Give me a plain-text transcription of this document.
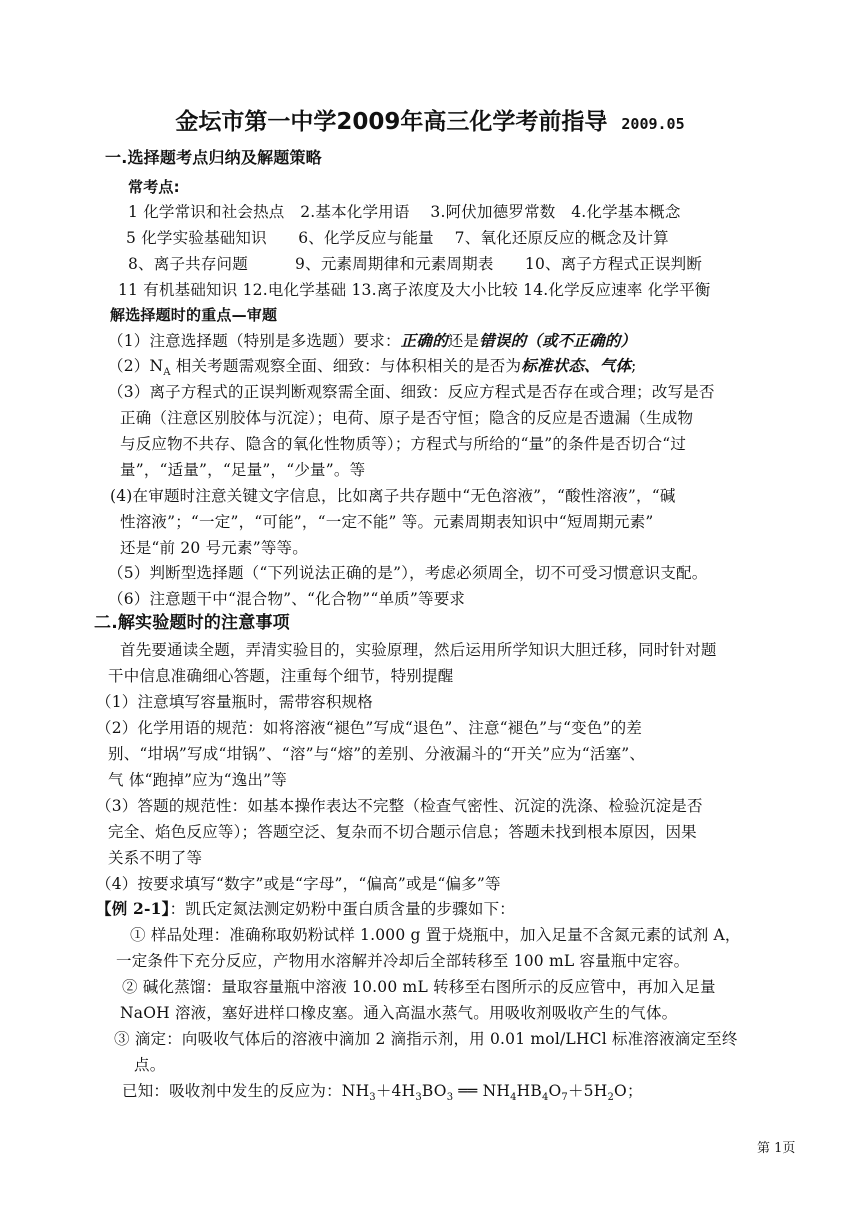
金坛市第一中学2009年高三化学考前指导 2009.05
一.选择题考点归纳及解题策略
常考点:
1 化学常识和社会热点　2.基本化学用语　 3.阿伏加德罗常数　4.化学基本概念
5 化学实验基础知识　　6、化学反应与能量　 7、氧化还原反应的概念及计算
8、离子共存问题　　　9、元素周期律和元素周期表　　10、离子方程式正误判断
11 有机基础知识 12.电化学基础 13.离子浓度及大小比较 14.化学反应速率 化学平衡
解选择题时的重点—审题
（1）注意选择题（特别是多选题）要求：正确的还是错误的（或不正确的）
$(2)N_A$ 相关考题需观察全面、细致：与体积相关的是否为标准状态、气体;
（3）离子方程式的正误判断观察需全面、细致：反应方程式是否存在或合理；改写是否
正确（注意区别胶体与沉淀）；电荷、原子是否守恒；隐含的反应是否遗漏（生成物
与反应物不共存、隐含的氧化性物质等）；方程式与所给的“量”的条件是否切合“过
量”，“适量”，“足量”，“少量”。等
(4)在审题时注意关键文字信息，比如离子共存题中“无色溶液”，“酸性溶液”，“碱
性溶液”；“一定”，“可能”，“一定不能” 等。元素周期表知识中“短周期元素”
还是“前 20 号元素”等等。
（5）判断型选择题（“下列说法正确的是”），考虑必须周全，切不可受习惯意识支配。
（6）注意题干中“混合物”、“化合物”“单质”等要求
二.解实验题时的注意事项
首先要通读全题，弄清实验目的，实验原理，然后运用所学知识大胆迁移，同时针对题
干中信息准确细心答题，注重每个细节，特别提醒
（1）注意填写容量瓶时，需带容积规格
（2）化学用语的规范：如将溶液“褪色”写成“退色”、注意“褪色”与“变色”的差
别、“坩埚”写成“坩锅”、“溶”与“熔”的差别、分液漏斗的“开关”应为“活塞”、
气 体“跑掉”应为“逸出”等
（3）答题的规范性：如基本操作表达不完整（检查气密性、沉淀的洗涤、检验沉淀是否
完全、焰色反应等）；答题空泛、复杂而不切合题示信息；答题未找到根本原因，因果
关系不明了等
（4）按要求填写“数字”或是“字母”，“偏高”或是“偏多”等
【例 2-1】：凯氏定氮法测定奶粉中蛋白质含量的步骤如下：
① 样品处理：准确称取奶粉试样 1.000 g 置于烧瓶中，加入足量不含氮元素的试剂 A，
一定条件下充分反应，产物用水溶解并冷却后全部转移至 100 mL 容量瓶中定容。
② 碱化蒸馏：量取容量瓶中溶液 10.00 mL 转移至右图所示的反应管中，再加入足量
NaOH 溶液，塞好进样口橡皮塞。通入高温水蒸气。用吸收剂吸收产生的气体。
③ 滴定：向吸收气体后的溶液中滴加 2 滴指示剂，用 0.01 mol/LHCl 标准溶液滴定至终
点。
已知：吸收剂中发生的反应为：$NH_3+4H_3BO_3$ ══ $NH_4HB_4O_7+5H_2O$；
第 1页
